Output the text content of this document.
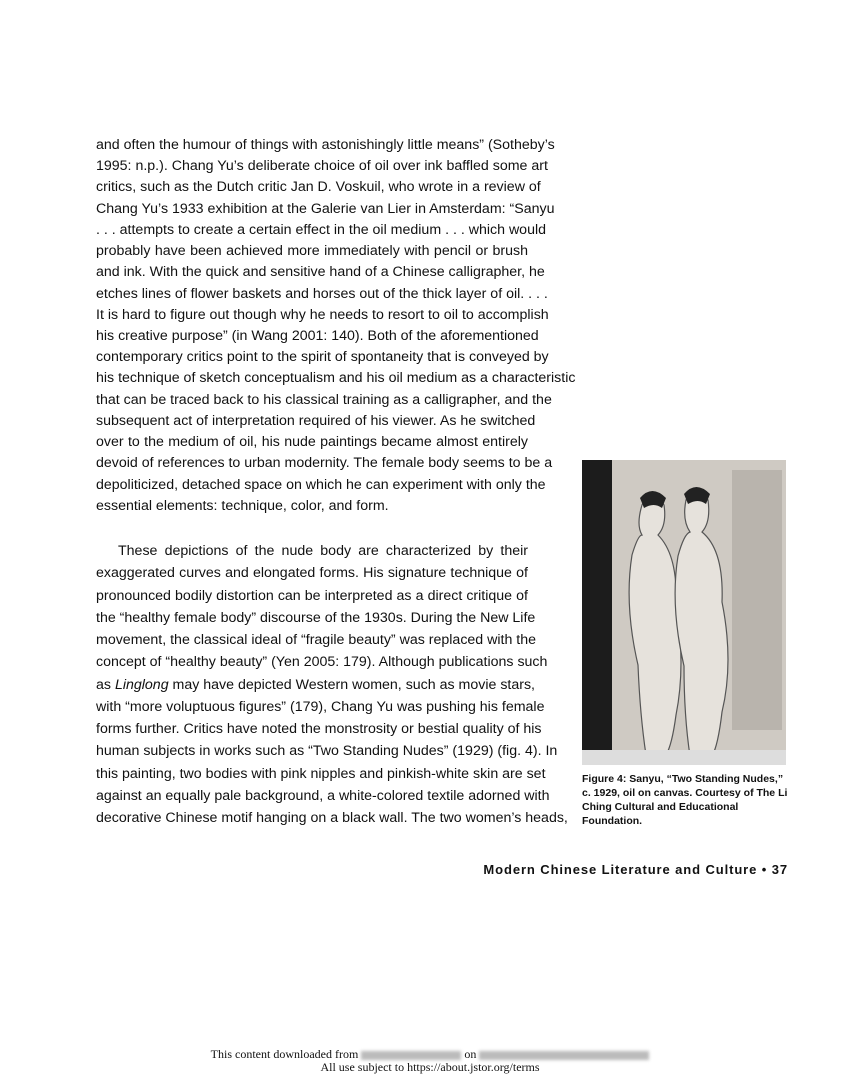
and often the humour of things with astonishingly little means” (Sotheby’s
1995: n.p.). Chang Yu’s deliberate choice of oil over ink baffled some art
critics, such as the Dutch critic Jan D. Voskuil, who wrote in a review of
Chang Yu’s 1933 exhibition at the Galerie van Lier in Amsterdam: “Sanyu
. . . attempts to create a certain effect in the oil medium . . . which would
probably have been achieved more immediately with pencil or brush
and ink. With the quick and sensitive hand of a Chinese calligrapher, he
etches lines of flower baskets and horses out of the thick layer of oil. . . .
It is hard to figure out though why he needs to resort to oil to accomplish
his creative purpose” (in Wang 2001: 140). Both of the aforementioned
contemporary critics point to the spirit of spontaneity that is conveyed by
his technique of sketch conceptualism and his oil medium as a characteristic
that can be traced back to his classical training as a calligrapher, and the
subsequent act of interpretation required of his viewer. As he switched
over to the medium of oil, his nude paintings became almost entirely
devoid of references to urban modernity. The female body seems to be a
depoliticized, detached space on which he can experiment with only the
essential elements: technique, color, and form.
These depictions of the nude body are characterized by their
exaggerated curves and elongated forms. His signature technique of
pronounced bodily distortion can be interpreted as a direct critique of
the “healthy female body” discourse of the 1930s. During the New Life
movement, the classical ideal of “fragile beauty” was replaced with the
concept of “healthy beauty” (Yen 2005: 179). Although publications such
as Linglong may have depicted Western women, such as movie stars,
with “more voluptuous figures” (179), Chang Yu was pushing his female
forms further. Critics have noted the monstrosity or bestial quality of his
human subjects in works such as “Two Standing Nudes” (1929) (fig. 4). In
this painting, two bodies with pink nipples and pinkish-white skin are set
against an equally pale background, a white-colored textile adorned with
decorative Chinese motif hanging on a black wall. The two women’s heads,
Figure 4: Sanyu, “Two Standing Nudes,” c. 1929, oil on canvas. Courtesy of The Li Ching Cultural and Educational Foundation.
Modern Chinese Literature and Culture • 37
This content downloaded from	on
All use subject to https://about.jstor.org/terms
